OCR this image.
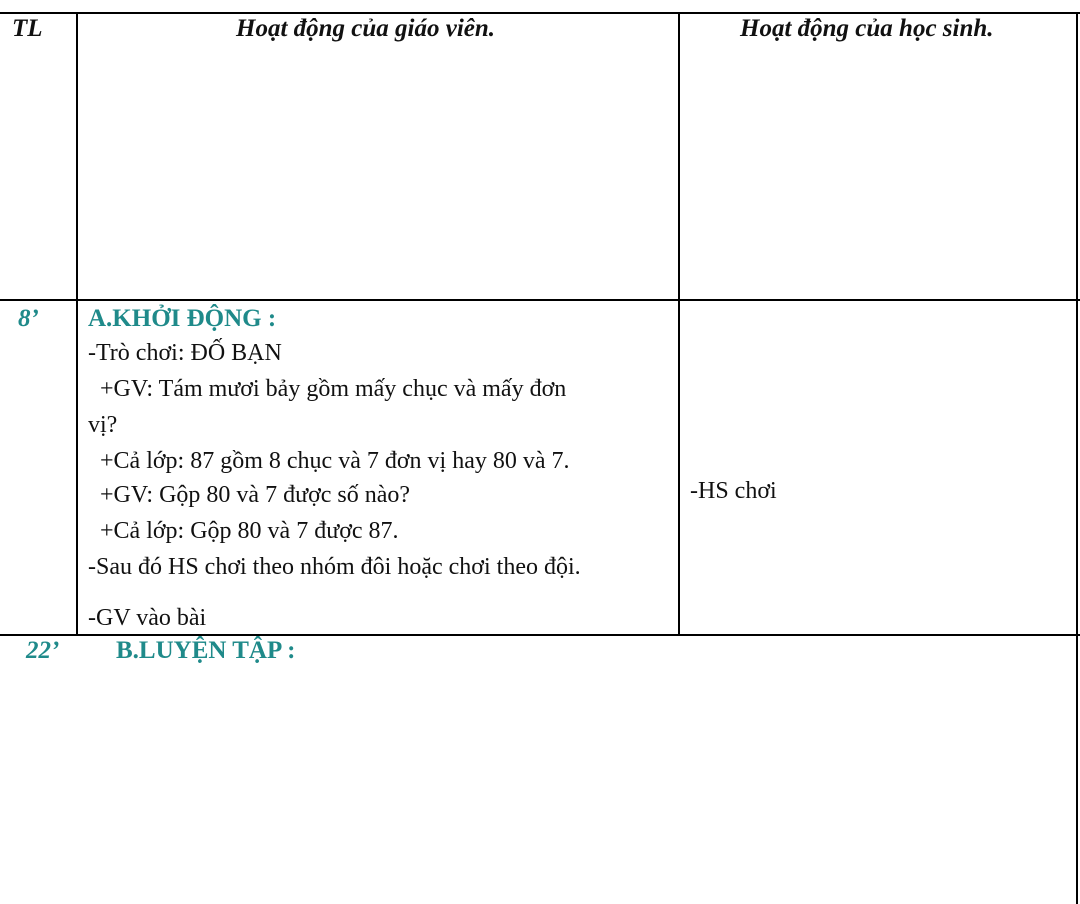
TL	Hoạt động của giáo viên.	Hoạt động của học sinh.
8’ A.KHỞI ĐỘNG :
-Trò chơi: ĐỐ BẠN
+GV: Tám mươi bảy gồm mấy chục và mấy đơn
vị?
+Cả lớp: 87 gồm 8 chục và 7 đơn vị hay 80 và 7.
+GV: Gộp 80 và 7 được số nào?
+Cả lớp: Gộp 80 và 7 được 87.
-Sau đó HS chơi theo nhóm đôi hoặc chơi theo đội.
-GV vào bài
-HS chơi
22’ B.LUYỆN TẬP :
